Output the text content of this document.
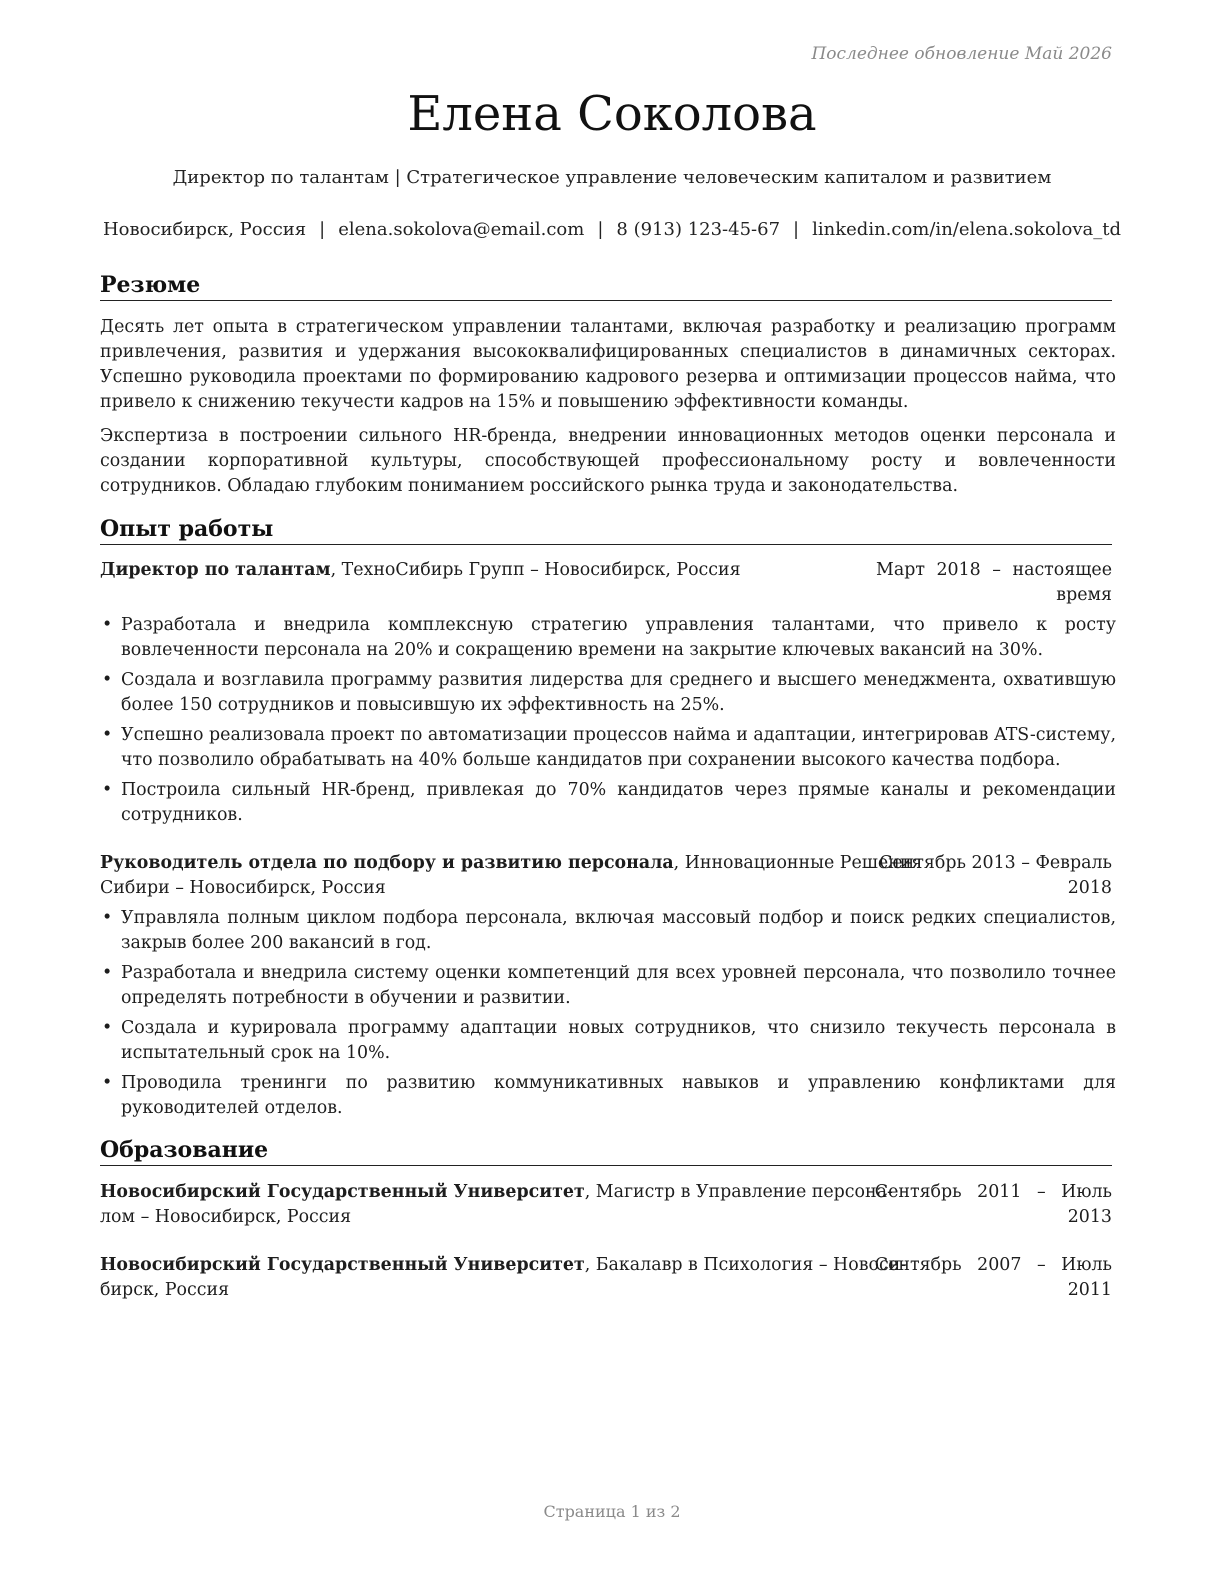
Последнее обновление Май 2026
Елена Соколова
Директор по талантам | Стратегическое управление человеческим капиталом и развитием
Новосибирск, Россия | elena.sokolova@email.com | 8 (913) 123-45-67 | linkedin.com/in/elena.sokolova_td
Резюме

Десять лет опыта в стратегическом управлении талантами, включая разработку и реализацию программ привлечения, развития и удержания высококвалифицированных специалистов в динамичных секторах. Успешно руководила проектами по формированию кадрового резерва и оптимизации процессов найма, что привело к снижению текучести кадров на 15% и повышению эффективности команды.

Экспертиза в построении сильного HR-бренда, внедрении инновационных методов оценки персонала и создании корпоративной культуры, способствующей профессиональному росту и вовлеченности сотрудников. Обладаю глубоким пониманием российского рынка труда и законодательства.

Опыт работы
Директор по талантам, ТехноСибирь Групп – Новосибирск, Россия	Март 2018 – настоящее
время
• Разработала и внедрила комплексную стратегию управления талантами, что привело к росту вовлеченности персонала на 20% и сокращению времени на закрытие ключевых вакансий на 30%.
• Создала и возглавила программу развития лидерства для среднего и высшего менеджмента, охватившую более 150 сотрудников и повысившую их эффективность на 25%.
• Успешно реализовала проект по автоматизации процессов найма и адаптации, интегрировав ATS-систему, что позволило обрабатывать на 40% больше кандидатов при сохранении высокого качества подбора.
• Построила сильный HR-бренд, привлекая до 70% кандидатов через прямые каналы и рекомендации сотрудников.
Руководитель отдела по подбору и развитию персонала, Инновационные Решения
Сибири – Новосибирск, Россия
Сентябрь 2013 – Февраль
2018
• Управляла полным циклом подбора персонала, включая массовый подбор и поиск редких специалистов, закрыв более 200 вакансий в год.
• Разработала и внедрила систему оценки компетенций для всех уровней персонала, что позволило точнее определять потребности в обучении и развитии.
• Создала и курировала программу адаптации новых сотрудников, что снизило текучесть персонала в испытательный срок на 10%.
• Проводила тренинги по развитию коммуникативных навыков и управлению конфликтами для руководителей отделов.
Образование
Новосибирский Государственный Университет, Магистр в Управление персона-
лом – Новосибирск, Россия
Сентябрь 2011 – Июль
2013
Новосибирский Государственный Университет, Бакалавр в Психология – Новоси-
бирск, Россия
Сентябрь 2007 – Июль
2011
Страница 1 из 2
